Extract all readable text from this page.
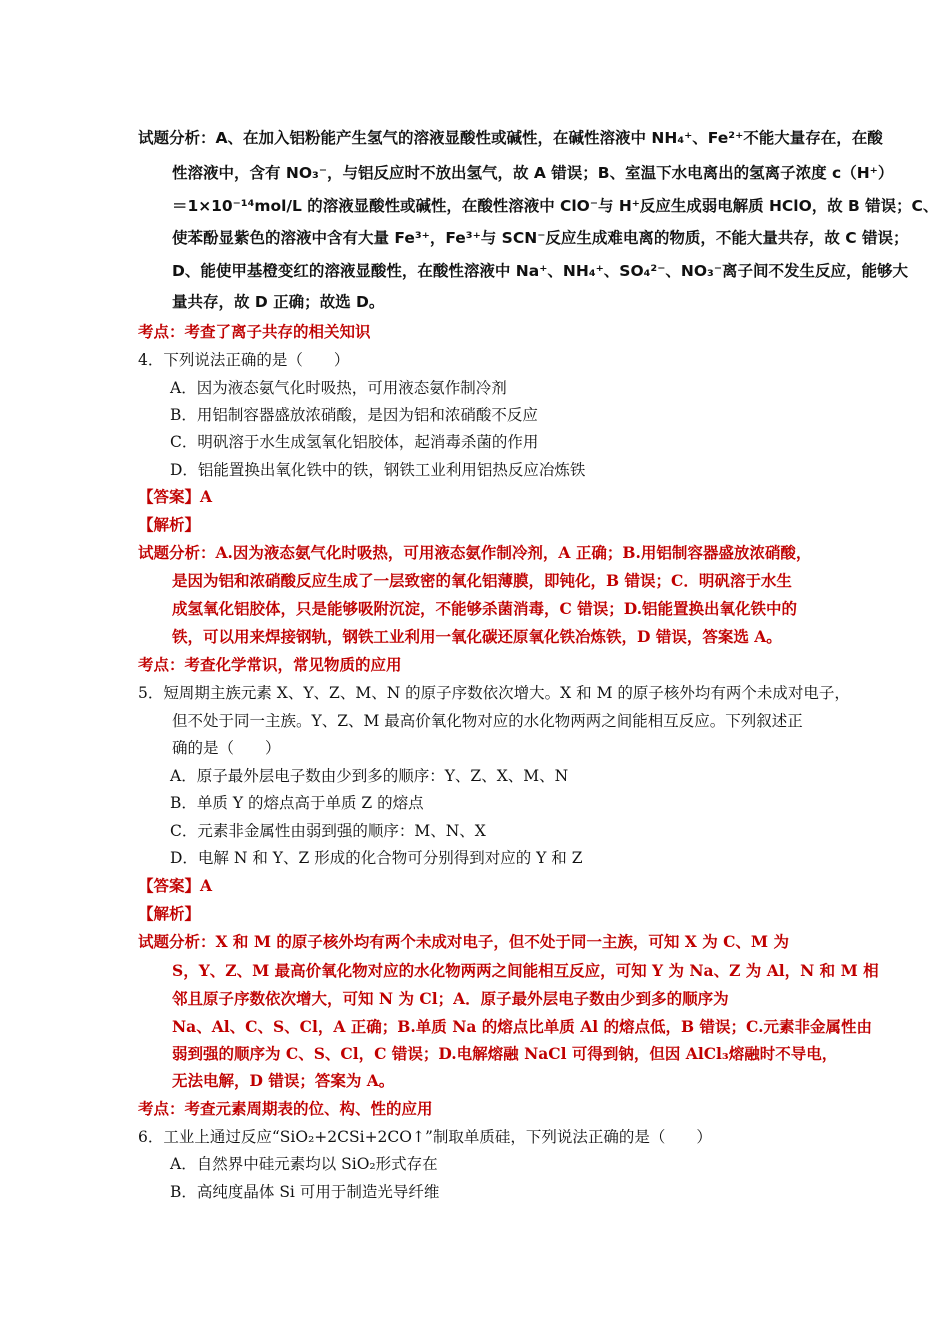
试题分析：A、在加入铝粉能产生氢气的溶液显酸性或碱性，在碱性溶液中 NH₄⁺、Fe²⁺不能大量存在，在酸
性溶液中，含有 NO₃⁻，与铝反应时不放出氢气，故 A 错误；B、室温下水电离出的氢离子浓度 c（H⁺）
＝1×10⁻¹⁴mol/L 的溶液显酸性或碱性，在酸性溶液中 ClO⁻与 H⁺反应生成弱电解质 HClO，故 B 错误；C、
使苯酚显紫色的溶液中含有大量 Fe³⁺，Fe³⁺与 SCN⁻反应生成难电离的物质，不能大量共存，故 C 错误；
D、能使甲基橙变红的溶液显酸性，在酸性溶液中 Na⁺、NH₄⁺、SO₄²⁻、NO₃⁻离子间不发生反应，能够大
量共存，故 D 正确；故选 D。
考点：考查了离子共存的相关知识
4．下列说法正确的是（　　）
A．因为液态氨气化时吸热，可用液态氨作制冷剂
B．用铝制容器盛放浓硝酸，是因为铝和浓硝酸不反应
C．明矾溶于水生成氢氧化铝胶体，起消毒杀菌的作用
D．铝能置换出氧化铁中的铁，钢铁工业利用铝热反应冶炼铁
【答案】A
【解析】
试题分析：A.因为液态氨气化时吸热，可用液态氨作制冷剂，A 正确；B.用铝制容器盛放浓硝酸，
是因为铝和浓硝酸反应生成了一层致密的氧化铝薄膜，即钝化，B 错误；C．明矾溶于水生
成氢氧化铝胶体，只是能够吸附沉淀，不能够杀菌消毒，C 错误；D.铝能置换出氧化铁中的
铁，可以用来焊接钢轨，钢铁工业利用一氧化碳还原氧化铁冶炼铁，D 错误，答案选 A。
考点：考查化学常识，常见物质的应用
5．短周期主族元素 X、Y、Z、M、N 的原子序数依次增大。X 和 M 的原子核外均有两个未成对电子，
但不处于同一主族。Y、Z、M 最高价氧化物对应的水化物两两之间能相互反应。下列叙述正
确的是（　　）
A．原子最外层电子数由少到多的顺序：Y、Z、X、M、N
B．单质 Y 的熔点高于单质 Z 的熔点
C．元素非金属性由弱到强的顺序：M、N、X
D．电解 N 和 Y、Z 形成的化合物可分别得到对应的 Y 和 Z
【答案】A
【解析】
试题分析：X 和 M 的原子核外均有两个未成对电子，但不处于同一主族，可知 X 为 C、M 为
S，Y、Z、M 最高价氧化物对应的水化物两两之间能相互反应，可知 Y 为 Na、Z 为 Al，N 和 M 相
邻且原子序数依次增大，可知 N 为 Cl；A．原子最外层电子数由少到多的顺序为
Na、Al、C、S、Cl，A 正确；B.单质 Na 的熔点比单质 Al 的熔点低，B 错误；C.元素非金属性由
弱到强的顺序为 C、S、Cl，C 错误；D.电解熔融 NaCl 可得到钠，但因 AlCl₃熔融时不导电，
无法电解，D 错误；答案为 A。
考点：考查元素周期表的位、构、性的应用
6．工业上通过反应“SiO₂+2CSi+2CO↑”制取单质硅，下列说法正确的是（　　）
A．自然界中硅元素均以 SiO₂形式存在
B．高纯度晶体 Si 可用于制造光导纤维
